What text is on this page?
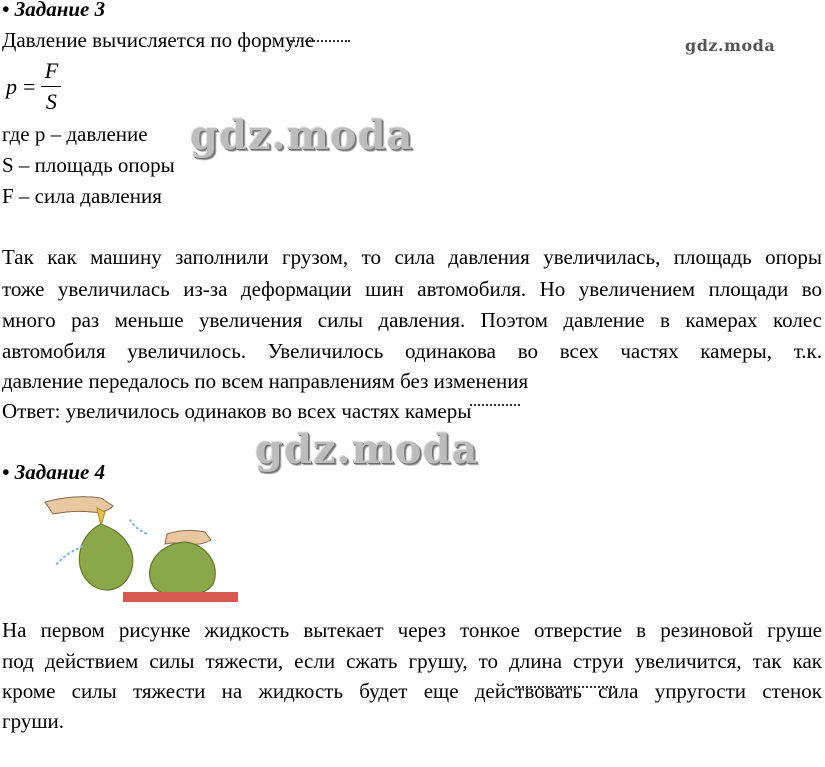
• Задание 3
Давление вычисляется по формуле	gdz.moda
$p = \frac{F}{S}$
где p – давление
S – площадь опоры
F – сила давления
gdz.moda
Так как машину заполнили грузом, то сила давления увеличилась, площадь опоры
тоже увеличилась из-за деформации шин автомобиля. Но увеличением площади во
много раз меньше увеличения силы давления. Поэтом давление в камерах колес
автомобиля увеличилось. Увеличилось одинакова во всех частях камеры, т.к.
давление передалось по всем направлениям без изменения
Ответ: увеличилось одинаков во всех частях камеры
gdz.moda
• Задание 4
На первом рисунке жидкость вытекает через тонкое отверстие в резиновой груше
под действием силы тяжести, если сжать грушу, то длина струи увеличится, так как
кроме силы тяжести на жидкость будет еще действовать сила упругости стенок
груши.
